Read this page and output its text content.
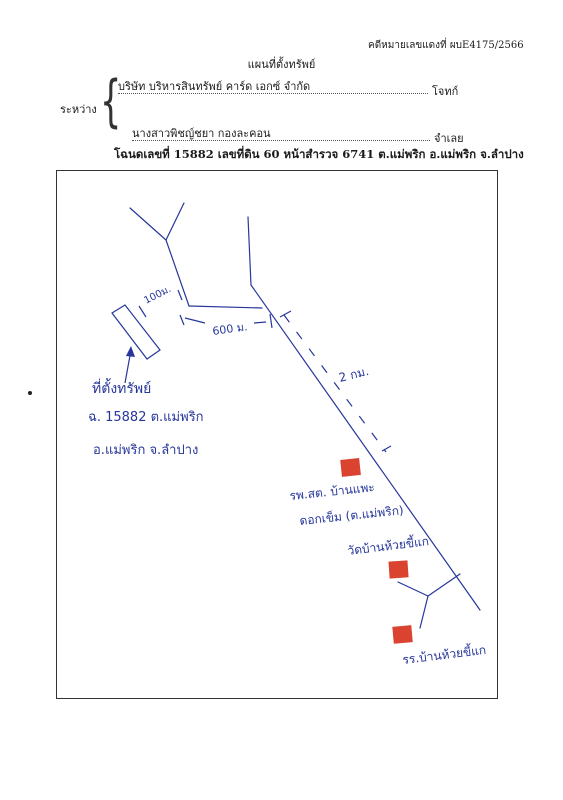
คดีหมายเลขแดงที่ ผบE4175/2566
แผนที่ตั้งทรัพย์
ระหว่าง {
บริษัท บริหารสินทรัพย์ คาร์ด เอกซ์ จำกัด	โจทก์
นางสาวพิชญ์ชยา กองละคอน	จำเลย
โฉนดเลขที่ 15882 เลขที่ดิน 60 หน้าสำรวจ 6741 ต.แม่พริก อ.แม่พริก จ.ลำปาง
100ม.
600 ม.
2 กม.
ที่ตั้งทรัพย์
ฉ. 15882 ต.แม่พริก
อ.แม่พริก จ.ลำปาง
รพ.สต. บ้านแพะ
ดอกเข็ม (ต.แม่พริก)
วัดบ้านห้วยขี้แก
รร.บ้านห้วยขี้แก
